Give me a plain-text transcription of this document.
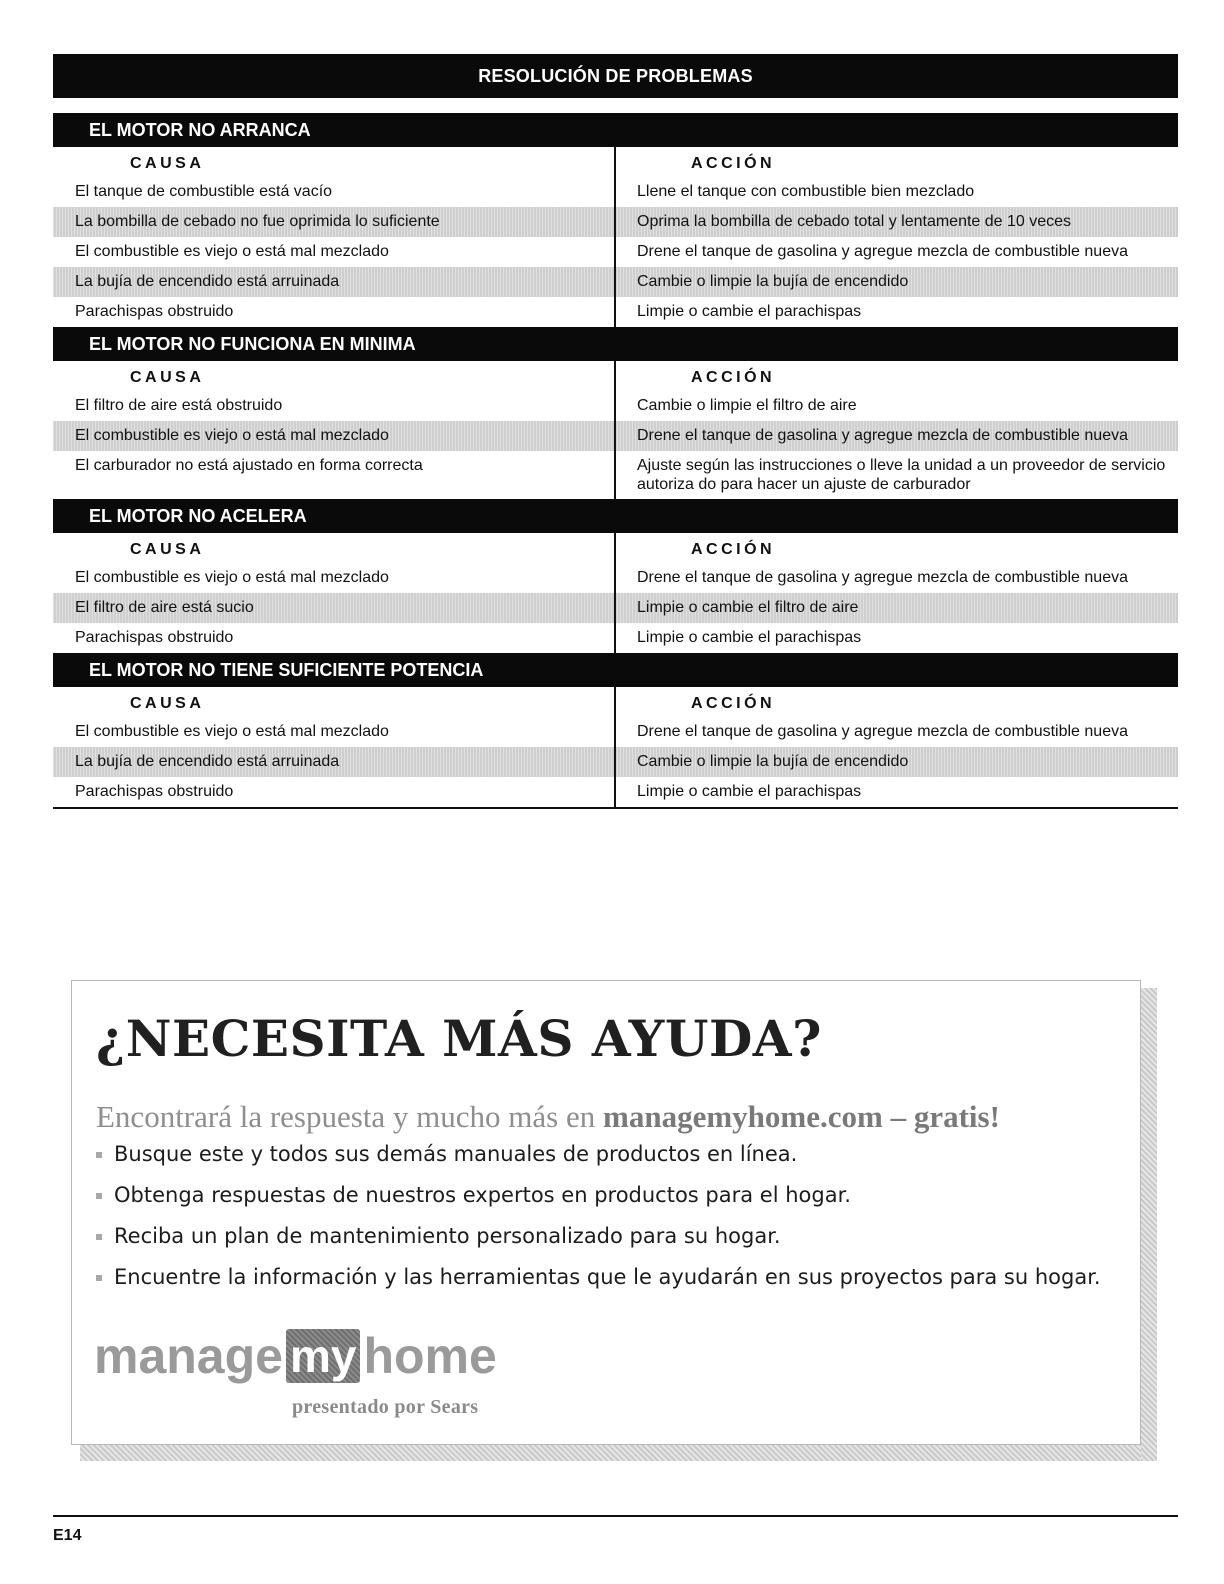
RESOLUCIÓN DE PROBLEMAS
EL MOTOR NO ARRANCA
CAUSA	ACCIÓN
El tanque de combustible está vacío	Llene el tanque con combustible bien mezclado
La bombilla de cebado no fue oprimida lo suficiente	Oprima la bombilla de cebado total y lentamente de 10 veces
El combustible es viejo o está mal mezclado	Drene el tanque de gasolina y agregue mezcla de combustible nueva
La bujía de encendido está arruinada	Cambie o limpie la bujía de encendido
Parachispas obstruido	Limpie o cambie el parachispas
EL MOTOR NO FUNCIONA EN MINIMA
CAUSA	ACCIÓN
El filtro de aire está obstruido	Cambie o limpie el filtro de aire
El combustible es viejo o está mal mezclado	Drene el tanque de gasolina y agregue mezcla de combustible nueva
El carburador no está ajustado en forma correcta	Ajuste según las instrucciones o lleve la unidad a un proveedor de servicio autoriza do para hacer un ajuste de carburador
EL MOTOR NO ACELERA
CAUSA	ACCIÓN
El combustible es viejo o está mal mezclado	Drene el tanque de gasolina y agregue mezcla de combustible nueva
El filtro de aire está sucio	Limpie o cambie el filtro de aire
Parachispas obstruido	Limpie o cambie el parachispas
EL MOTOR NO TIENE SUFICIENTE POTENCIA
CAUSA	ACCIÓN
El combustible es viejo o está mal mezclado	Drene el tanque de gasolina y agregue mezcla de combustible nueva
La bujía de encendido está arruinada	Cambie o limpie la bujía de encendido
Parachispas obstruido	Limpie o cambie el parachispas
¿NECESITA MÁS AYUDA?
Encontrará la respuesta y mucho más en managemyhome.com – gratis!
Busque este y todos sus demás manuales de productos en línea.
Obtenga respuestas de nuestros expertos en productos para el hogar.
Reciba un plan de mantenimiento personalizado para su hogar.
Encuentre la información y las herramientas que le ayudarán en sus proyectos para su hogar.
manage my home
presentado por Sears
E14
